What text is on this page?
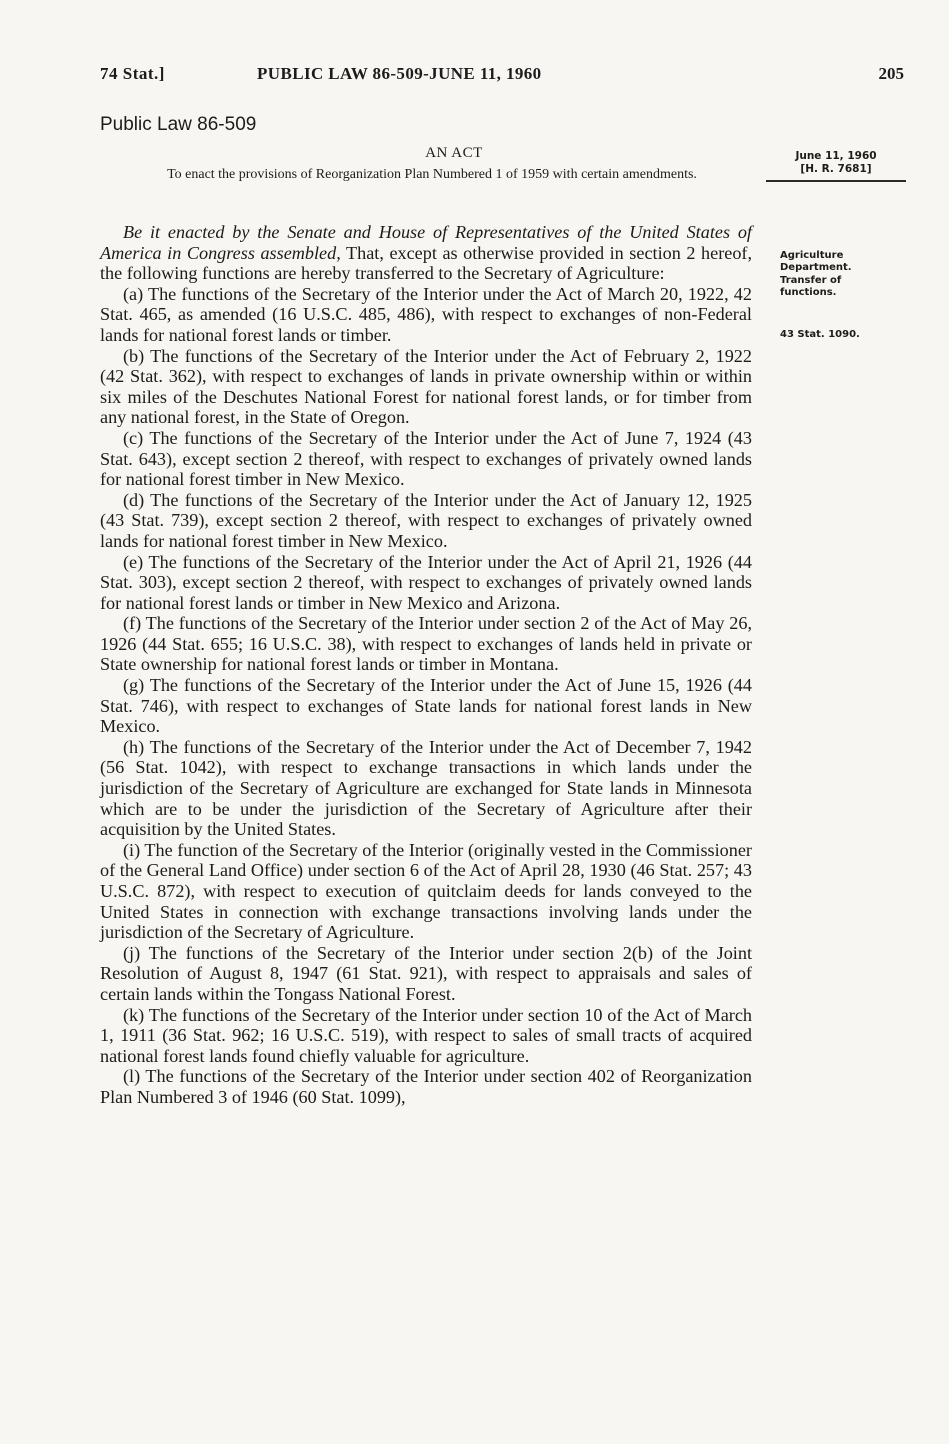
74 Stat.]	PUBLIC LAW 86-509-JUNE 11, 1960	205
Public Law 86-509
AN ACT
To enact the provisions of Reorganization Plan Numbered 1 of 1959 with certain amendments.
June 11, 1960
[H. R. 7681]
Agriculture Department.
Transfer of functions.
43 Stat. 1090.

Be it enacted by the Senate and House of Representatives of the United States of America in Congress assembled, That, except as otherwise provided in section 2 hereof, the following functions are hereby transferred to the Secretary of Agriculture:

(a) The functions of the Secretary of the Interior under the Act of March 20, 1922, 42 Stat. 465, as amended (16 U.S.C. 485, 486), with respect to exchanges of non-Federal lands for national forest lands or timber.

(b) The functions of the Secretary of the Interior under the Act of February 2, 1922 (42 Stat. 362), with respect to exchanges of lands in private ownership within or within six miles of the Deschutes National Forest for national forest lands, or for timber from any national forest, in the State of Oregon.

(c) The functions of the Secretary of the Interior under the Act of June 7, 1924 (43 Stat. 643), except section 2 thereof, with respect to exchanges of privately owned lands for national forest timber in New Mexico.

(d) The functions of the Secretary of the Interior under the Act of January 12, 1925 (43 Stat. 739), except section 2 thereof, with respect to exchanges of privately owned lands for national forest timber in New Mexico.

(e) The functions of the Secretary of the Interior under the Act of April 21, 1926 (44 Stat. 303), except section 2 thereof, with respect to exchanges of privately owned lands for national forest lands or timber in New Mexico and Arizona.

(f) The functions of the Secretary of the Interior under section 2 of the Act of May 26, 1926 (44 Stat. 655; 16 U.S.C. 38), with respect to exchanges of lands held in private or State ownership for national forest lands or timber in Montana.

(g) The functions of the Secretary of the Interior under the Act of June 15, 1926 (44 Stat. 746), with respect to exchanges of State lands for national forest lands in New Mexico.

(h) The functions of the Secretary of the Interior under the Act of December 7, 1942 (56 Stat. 1042), with respect to exchange transactions in which lands under the jurisdiction of the Secretary of Agriculture are exchanged for State lands in Minnesota which are to be under the jurisdiction of the Secretary of Agriculture after their acquisition by the United States.

(i) The function of the Secretary of the Interior (originally vested in the Commissioner of the General Land Office) under section 6 of the Act of April 28, 1930 (46 Stat. 257; 43 U.S.C. 872), with respect to execution of quitclaim deeds for lands conveyed to the United States in connection with exchange transactions involving lands under the jurisdiction of the Secretary of Agriculture.

(j) The functions of the Secretary of the Interior under section 2(b) of the Joint Resolution of August 8, 1947 (61 Stat. 921), with respect to appraisals and sales of certain lands within the Tongass National Forest.

(k) The functions of the Secretary of the Interior under section 10 of the Act of March 1, 1911 (36 Stat. 962; 16 U.S.C. 519), with respect to sales of small tracts of acquired national forest lands found chiefly valuable for agriculture.

(l) The functions of the Secretary of the Interior under section 402 of Reorganization Plan Numbered 3 of 1946 (60 Stat. 1099),
